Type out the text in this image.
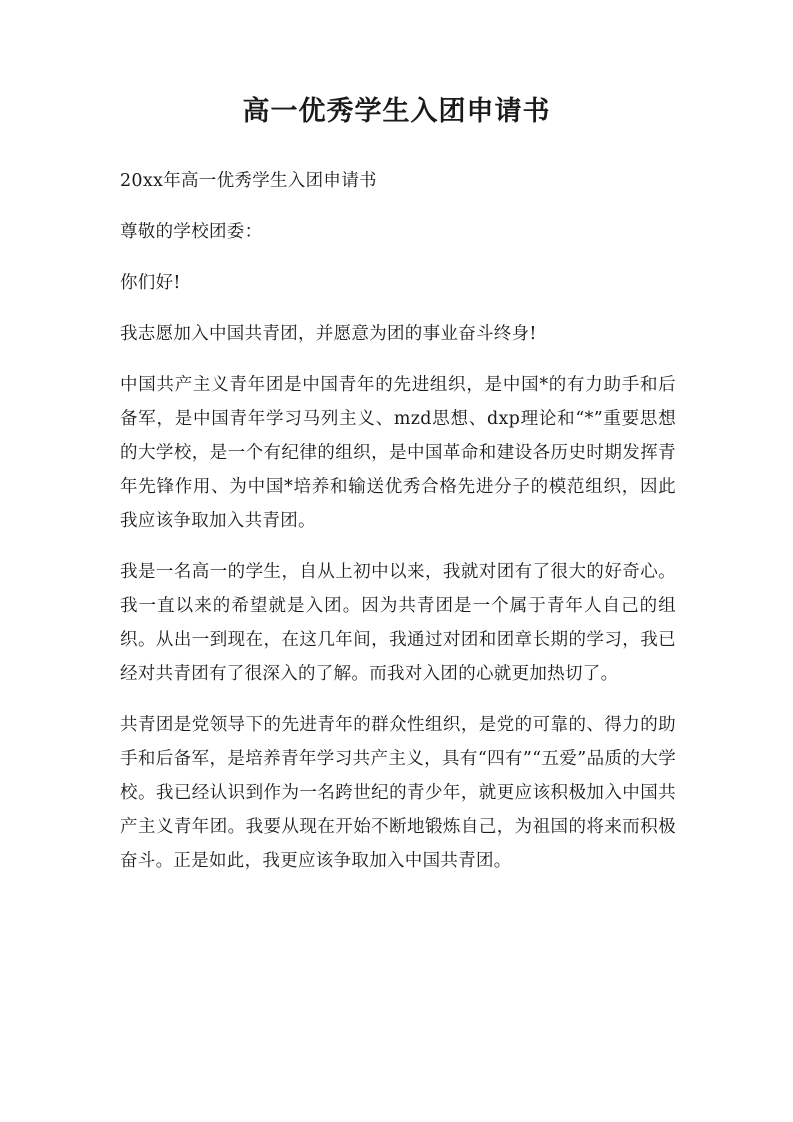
高一优秀学生入团申请书

20xx年高一优秀学生入团申请书

尊敬的学校团委：

你们好!

我志愿加入中国共青团，并愿意为团的事业奋斗终身!

中国共产主义青年团是中国青年的先进组织，是中国*的有力助手和后备军，是中国青年学习马列主义、mzd思想、dxp理论和“*”重要思想的大学校，是一个有纪律的组织，是中国革命和建设各历史时期发挥青年先锋作用、为中国*培养和输送优秀合格先进分子的模范组织，因此我应该争取加入共青团。

我是一名高一的学生，自从上初中以来，我就对团有了很大的好奇心。我一直以来的希望就是入团。因为共青团是一个属于青年人自己的组织。从出一到现在，在这几年间，我通过对团和团章长期的学习，我已经对共青团有了很深入的了解。而我对入团的心就更加热切了。

共青团是党领导下的先进青年的群众性组织，是党的可靠的、得力的助手和后备军，是培养青年学习共产主义，具有“四有”“五爱”品质的大学校。我已经认识到作为一名跨世纪的青少年，就更应该积极加入中国共产主义青年团。我要从现在开始不断地锻炼自己，为祖国的将来而积极奋斗。正是如此，我更应该争取加入中国共青团。
